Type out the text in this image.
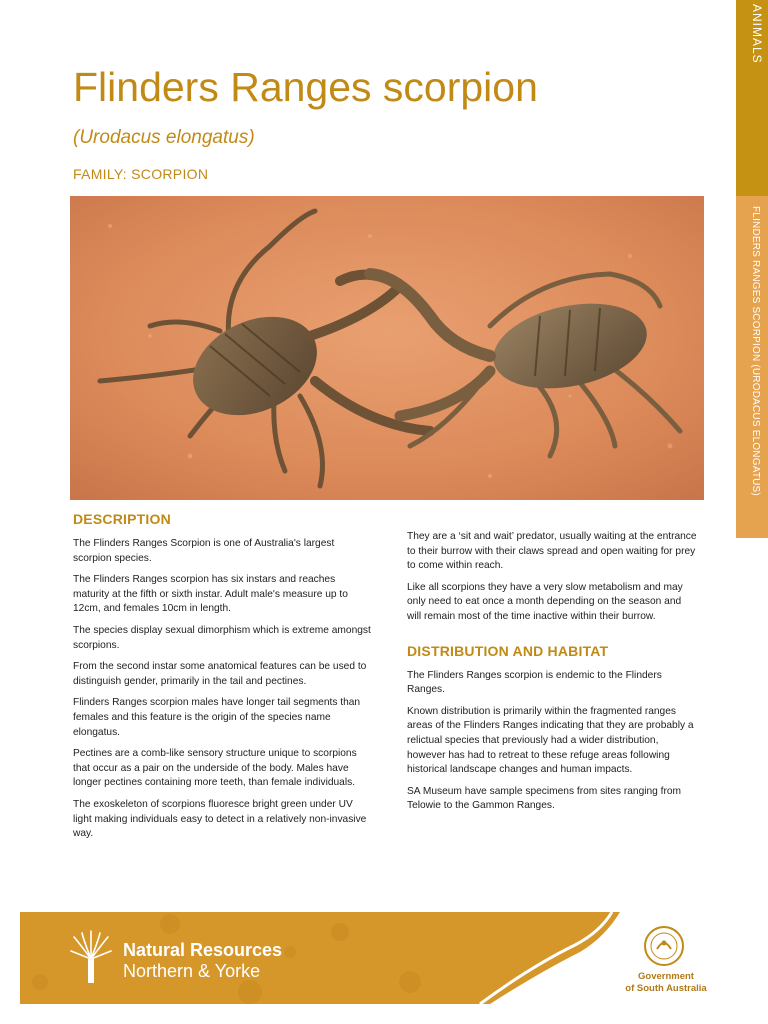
ANIMALS
FLINDERS RANGES SCORPION (URODACUS ELONGATUS)
Flinders Ranges scorpion
(Urodacus elongatus)
FAMILY: SCORPION
DESCRIPTION

The Flinders Ranges Scorpion is one of Australia's largest scorpion species.

The Flinders Ranges scorpion has six instars and reaches maturity at the fifth or sixth instar. Adult male's measure up to 12cm, and females 10cm in length.

The species display sexual dimorphism which is extreme amongst scorpions.

From the second instar some anatomical features can be used to distinguish gender, primarily in the tail and pectines.

Flinders Ranges scorpion males have longer tail segments than females and this feature is the origin of the species name elongatus.

Pectines are a comb-like sensory structure unique to scorpions that occur as a pair on the underside of the body. Males have longer pectines containing more teeth, than female individuals.

The exoskeleton of scorpions fluoresce bright green under UV light making individuals easy to detect in a relatively non-invasive way.

They are a ‘sit and wait’ predator, usually waiting at the entrance to their burrow with their claws spread and open waiting for prey to come within reach.

Like all scorpions they have a very slow metabolism and may only need to eat once a month depending on the season and will remain most of the time inactive within their burrow.

DISTRIBUTION AND HABITAT

The Flinders Ranges scorpion is endemic to the Flinders Ranges.

Known distribution is primarily within the fragmented ranges areas of the Flinders Ranges indicating that they are probably a relictual species that previously had a wider distribution, however has had to retreat to these refuge areas following historical landscape changes and human impacts.

SA Museum have sample specimens from sites ranging from Telowie to the Gammon Ranges.

Natural Resources
Northern & Yorke	Government
of South Australia
